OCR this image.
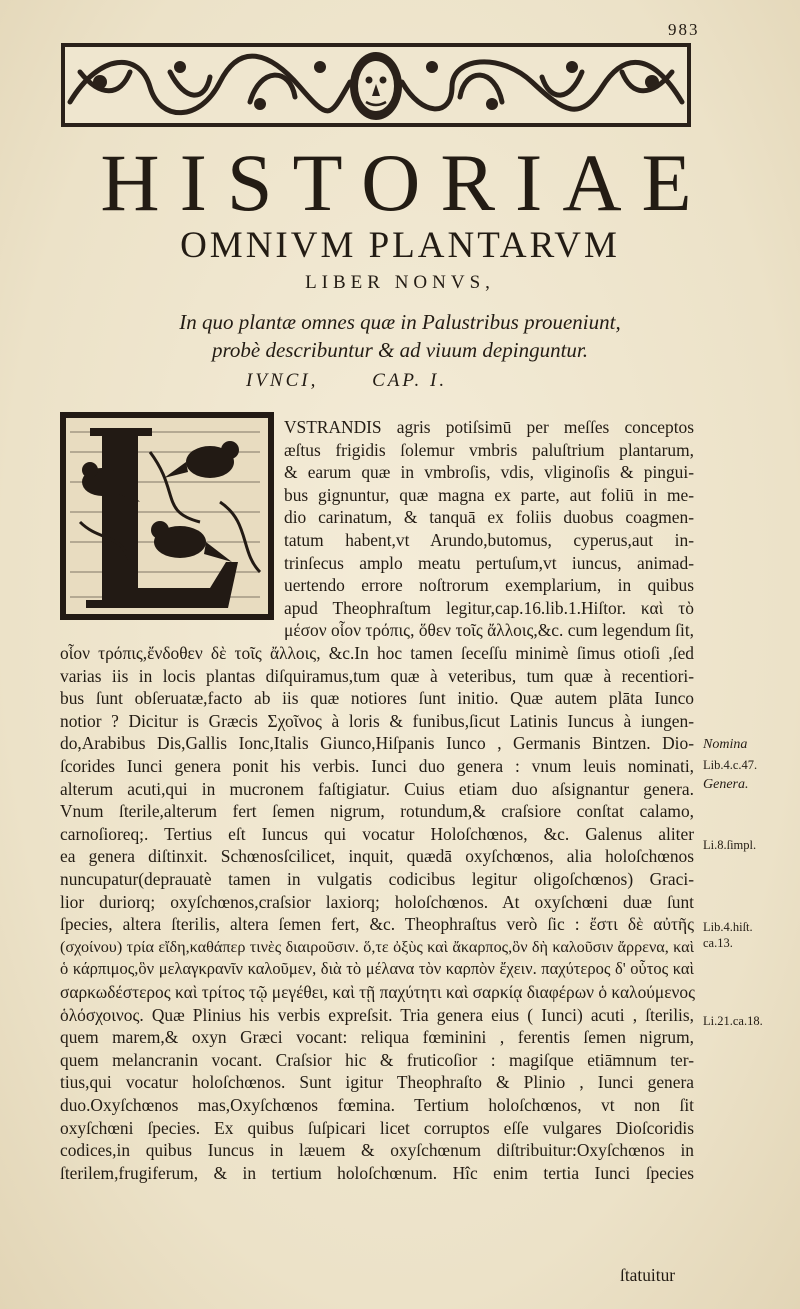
983
HISTORIAE
OMNIVM PLANTARVM
LIBER NONVS,
In quo plantæ omnes quæ in Palustribus proueniunt,
probè describuntur & ad viuum depinguntur.
IVNCI,	CAP. I.
VSTRANDIS agris potiſsimū per meſſes conceptos
æſtus frigidis ſolemur vmbris paluſtrium plantarum,
& earum quæ in vmbroſis, vdis, vliginoſis & pingui-
bus gignuntur, quæ magna ex parte, aut foliū in me-
dio carinatum, & tanquā ex foliis duobus coagmen-
tatum habent,vt Arundo,butomus, cyperus,aut in-
trinſecus amplo meatu pertuſum,vt iuncus, animad-
uertendo errore noſtrorum exemplarium, in quibus
apud Theophraſtum legitur,cap.16.lib.1.Hiſtor. καὶ τὸ
μέσον οἷον τρόπις, ὅθεν τοῖς ἄλλοις,&c. cum legendum ſit,
οἷον τρόπις,ἔνδοθεν δὲ τοῖς ἄλλοις, &c.In hoc tamen ſeceſſu minimè ſimus otioſi ,ſed
varias iis in locis plantas diſquiramus,tum quæ à veteribus, tum quæ à recentiori-
bus ſunt obſeruatæ,facto ab iis quæ notiores ſunt initio. Quæ autem plāta Iunco
notior ? Dicitur is Græcis Σχοῖνος à loris & funibus,ſicut Latinis Iuncus à iungen-
do,Arabibus Dis,Gallis Ionc,Italis Giunco,Hiſpanis Iunco , Germanis Bintzen. Dio-
ſcorides Iunci genera ponit his verbis. Iunci duo genera : vnum leuis nominati,
alterum acuti,qui in mucronem faſtigiatur. Cuius etiam duo aſsignantur genera.
Vnum ſterile,alterum fert ſemen nigrum, rotundum,& craſsiore conſtat calamo,
carnoſioreq;. Tertius eſt Iuncus qui vocatur Holoſchœnos, &c. Galenus aliter
ea genera diſtinxit. Schœnosſcilicet, inquit, quædā oxyſchœnos, alia holoſchœnos
nuncupatur(deprauatè tamen in vulgatis codicibus legitur oligoſchœnos) Graci-
lior duriorq; oxyſchœnos,craſsior laxiorq; holoſchœnos. At oxyſchœni duæ ſunt
ſpecies, altera ſterilis, altera ſemen fert, &c. Theophraſtus verò ſic : ἔστι δὲ αὐτῆς
(σχοίνου) τρία εἴδη,καθάπερ τινὲς διαιροῦσιν. ὅ,τε ὀξὺς καὶ ἄκαρπος,ὃν δὴ καλοῦσιν ἄρρενα, καὶ
ὁ κάρπιμος,ὃν μελαγκρανῖν καλοῦμεν, διὰ τὸ μέλανα τὸν καρπὸν ἔχειν. παχύτερος δ' οὗτος καὶ
σαρκωδέστερος καὶ τρίτος τῷ μεγέθει, καὶ τῇ παχύτητι καὶ σαρκίᾳ διαφέρων ὁ καλούμενος
ὁλόσχοινος. Quæ Plinius his verbis expreſsit. Tria genera eius ( Iunci) acuti , ſterilis,
quem marem,& oxyn Græci vocant: reliqua fœminini , ferentis ſemen nigrum,
quem melancranin vocant. Craſsior hic & fruticoſior : magiſque etiāmnum ter-
tius,qui vocatur holoſchœnos. Sunt igitur Theophraſto & Plinio , Iunci genera
duo.Oxyſchœnos mas,Oxyſchœnos fœmina. Tertium holoſchœnos, vt non ſit
oxyſchœni ſpecies. Ex quibus ſuſpicari licet corruptos eſſe vulgares Dioſcoridis
codices,in quibus Iuncus in læuem & oxyſchœnum diſtribuitur:Oxyſchœnos in
ſterilem,frugiferum, & in tertium holoſchœnum. Hîc enim tertia Iunci ſpecies
Nomina
Lib.4.c.47.
Genera.
Li.8.ſimpl.
Lib.4.hiſt.
ca.13.
Li.21.ca.18.
ſtatuitur
